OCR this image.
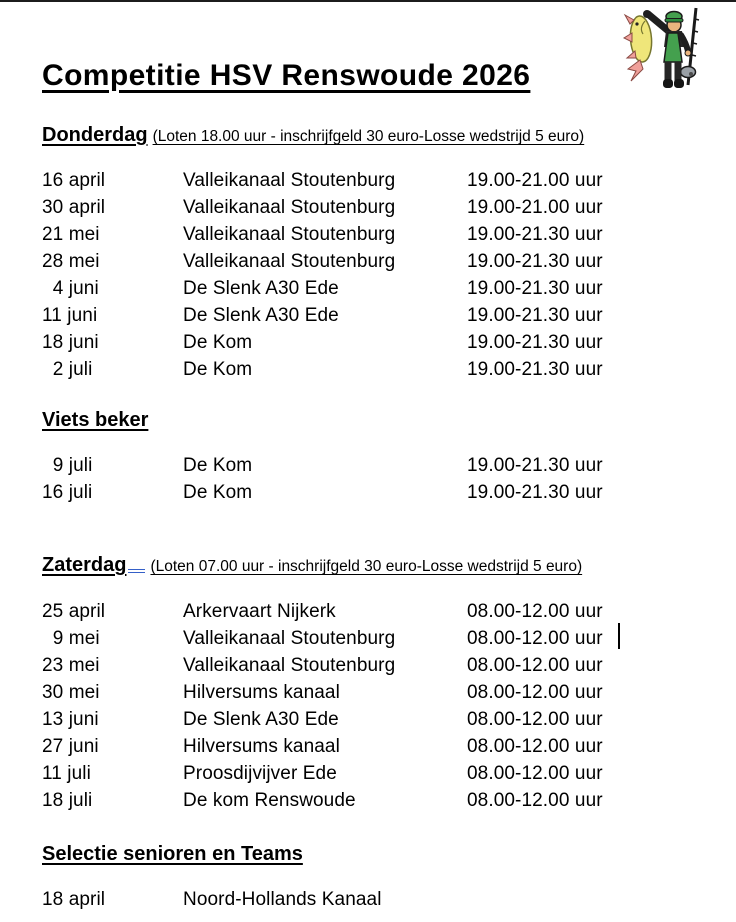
Competitie HSV Renswoude 2026
Donderdag (Loten 18.00 uur - inschrijfgeld 30 euro-Losse wedstrijd 5 euro)
16 april	Valleikanaal Stoutenburg	19.00-21.00 uur
30 april	Valleikanaal Stoutenburg	19.00-21.00 uur
21 mei	Valleikanaal Stoutenburg	19.00-21.30 uur
28 mei	Valleikanaal Stoutenburg	19.00-21.30 uur
4 juni	De Slenk A30 Ede	19.00-21.30 uur
11 juni	De Slenk A30 Ede	19.00-21.30 uur
18 juni	De Kom	19.00-21.30 uur
2 juli	De Kom	19.00-21.30 uur
Viets beker
9 juli	De Kom	19.00-21.30 uur
16 juli	De Kom	19.00-21.30 uur
Zaterdag (Loten 07.00 uur - inschrijfgeld 30 euro-Losse wedstrijd 5 euro)
25 april	Arkervaart Nijkerk	08.00-12.00 uur
9 mei	Valleikanaal Stoutenburg	08.00-12.00 uur
23 mei	Valleikanaal Stoutenburg	08.00-12.00 uur
30 mei	Hilversums kanaal	08.00-12.00 uur
13 juni	De Slenk A30 Ede	08.00-12.00 uur
27 juni	Hilversums kanaal	08.00-12.00 uur
11 juli	Proosdijvijver Ede	08.00-12.00 uur
18 juli	De kom Renswoude	08.00-12.00 uur
Selectie senioren en Teams
18 april	Noord-Hollands Kanaal
